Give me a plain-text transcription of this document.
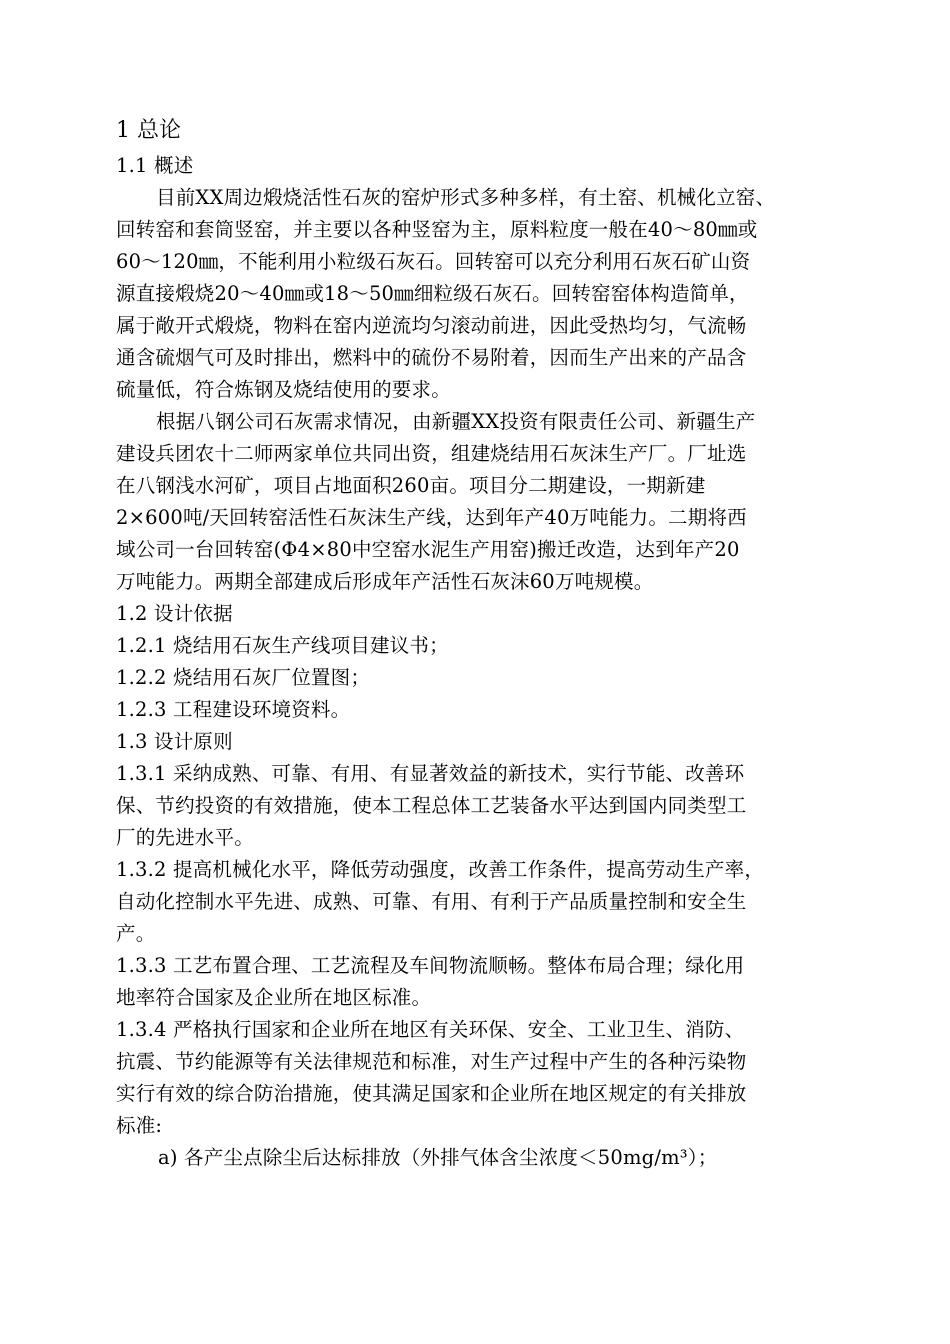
1 总论
1.1 概述
目前XX周边煅烧活性石灰的窑炉形式多种多样，有土窑、机械化立窑、
回转窑和套筒竖窑，并主要以各种竖窑为主，原料粒度一般在40～80㎜或
60～120㎜，不能利用小粒级石灰石。回转窑可以充分利用石灰石矿山资
源直接煅烧20～40㎜或18～50㎜细粒级石灰石。回转窑窑体构造简单，
属于敞开式煅烧，物料在窑内逆流均匀滚动前进，因此受热均匀，气流畅
通含硫烟气可及时排出，燃料中的硫份不易附着，因而生产出来的产品含
硫量低，符合炼钢及烧结使用的要求。
根据八钢公司石灰需求情况，由新疆XX投资有限责任公司、新疆生产
建设兵团农十二师两家单位共同出资，组建烧结用石灰沫生产厂。厂址选
在八钢浅水河矿，项目占地面积260亩。项目分二期建设，一期新建
2×600吨/天回转窑活性石灰沫生产线，达到年产40万吨能力。二期将西
域公司一台回转窑(Φ4×80中空窑水泥生产用窑)搬迁改造，达到年产20
万吨能力。两期全部建成后形成年产活性石灰沫60万吨规模。
1.2 设计依据
1.2.1 烧结用石灰生产线项目建议书；
1.2.2 烧结用石灰厂位置图；
1.2.3 工程建设环境资料。
1.3 设计原则
1.3.1 采纳成熟、可靠、有用、有显著效益的新技术，实行节能、改善环
保、节约投资的有效措施，使本工程总体工艺装备水平达到国内同类型工
厂的先进水平。
1.3.2 提高机械化水平，降低劳动强度，改善工作条件，提高劳动生产率，
自动化控制水平先进、成熟、可靠、有用、有利于产品质量控制和安全生
产。
1.3.3 工艺布置合理、工艺流程及车间物流顺畅。整体布局合理；绿化用
地率符合国家及企业所在地区标准。
1.3.4 严格执行国家和企业所在地区有关环保、安全、工业卫生、消防、
抗震、节约能源等有关法律规范和标准，对生产过程中产生的各种污染物
实行有效的综合防治措施，使其满足国家和企业所在地区规定的有关排放
标准:
a) 各产尘点除尘后达标排放（外排气体含尘浓度＜50mg/m³）；
